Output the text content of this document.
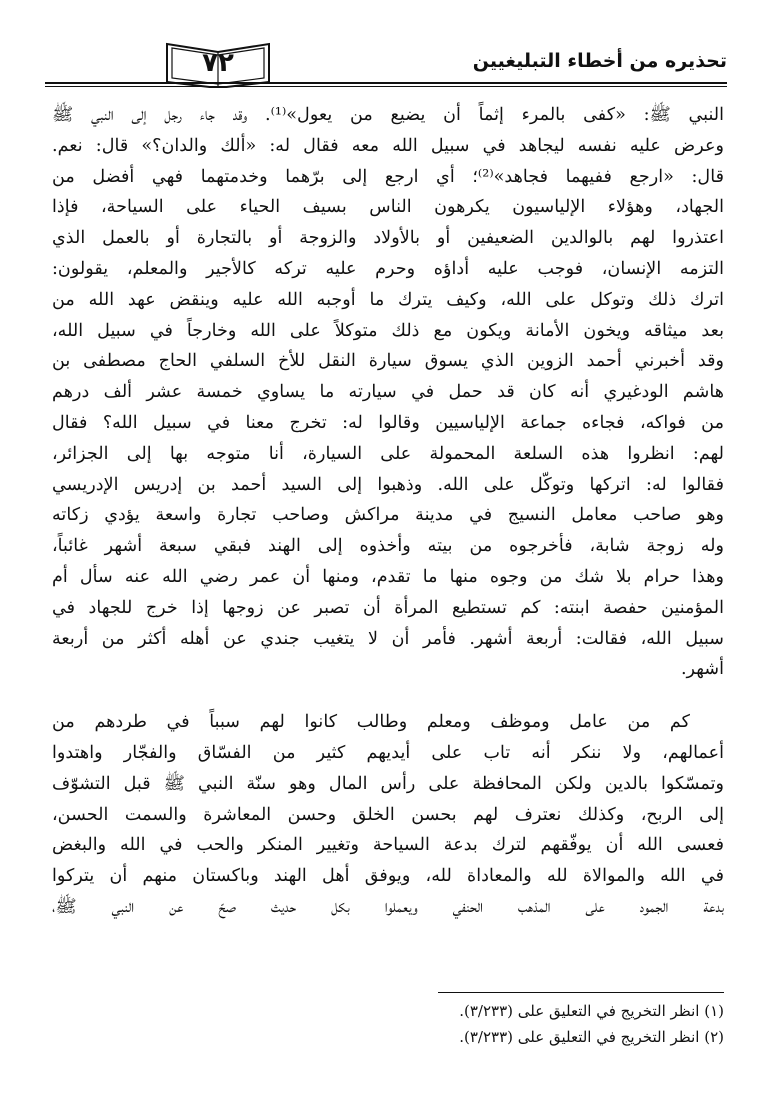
٧٢	تحذيره من أخطاء التبليغيين
النبي ﷺ: «كفى بالمرء إثماً أن يضيع من يعول»⁽¹⁾. وقد جاء رجل إلى النبي ﷺ
وعرض عليه نفسه ليجاهد في سبيل الله معه فقال له: «ألك والدان؟» قال: نعم.
قال: «ارجع ففيهما فجاهد»⁽²⁾؛ أي ارجع إلى برّهما وخدمتهما فهي أفضل من
الجهاد، وهؤلاء الإلياسيون يكرهون الناس بسيف الحياء على السياحة، فإذا
اعتذروا لهم بالوالدين الضعيفين أو بالأولاد والزوجة أو بالتجارة أو بالعمل الذي
التزمه الإنسان، فوجب عليه أداؤه وحرم عليه تركه كالأجير والمعلم، يقولون:
اترك ذلك وتوكل على الله، وكيف يترك ما أوجبه الله عليه وينقض عهد الله من
بعد ميثاقه ويخون الأمانة ويكون مع ذلك متوكلاً على الله وخارجاً في سبيل الله،
وقد أخبرني أحمد الزوين الذي يسوق سيارة النقل للأخ السلفي الحاج مصطفى بن
هاشم الودغيري أنه كان قد حمل في سيارته ما يساوي خمسة عشر ألف درهم
من فواكه، فجاءه جماعة الإلياسيين وقالوا له: تخرج معنا في سبيل الله؟ فقال
لهم: انظروا هذه السلعة المحمولة على السيارة، أنا متوجه بها إلى الجزائر،
فقالوا له: اتركها وتوكّل على الله. وذهبوا إلى السيد أحمد بن إدريس الإدريسي
وهو صاحب معامل النسيج في مدينة مراكش وصاحب تجارة واسعة يؤدي زكاته
وله زوجة شابة، فأخرجوه من بيته وأخذوه إلى الهند فبقي سبعة أشهر غائباً،
وهذا حرام بلا شك من وجوه منها ما تقدم، ومنها أن عمر رضي الله عنه سأل أم
المؤمنين حفصة ابنته: كم تستطيع المرأة أن تصبر عن زوجها إذا خرج للجهاد في
سبيل الله، فقالت: أربعة أشهر. فأمر أن لا يتغيب جندي عن أهله أكثر من أربعة
أشهر.
كم من عامل وموظف ومعلم وطالب كانوا لهم سبباً في طردهم من
أعمالهم، ولا ننكر أنه تاب على أيديهم كثير من الفسّاق والفجّار واهتدوا
وتمسّكوا بالدين ولكن المحافظة على رأس المال وهو سنّة النبي ﷺ قبل التشوّف
إلى الربح، وكذلك نعترف لهم بحسن الخلق وحسن المعاشرة والسمت الحسن،
فعسى الله أن يوفّقهم لترك بدعة السياحة وتغيير المنكر والحب في الله والبغض
في الله والموالاة لله والمعاداة لله، ويوفق أهل الهند وباكستان منهم أن يتركوا
بدعة الجمود على المذهب الحنفي ويعملوا بكل حديث صحّ عن النبي ﷺ،
(١) انظر التخريج في التعليق على (٣/٢٣٣).
(٢) انظر التخريج في التعليق على (٣/٢٣٣).
